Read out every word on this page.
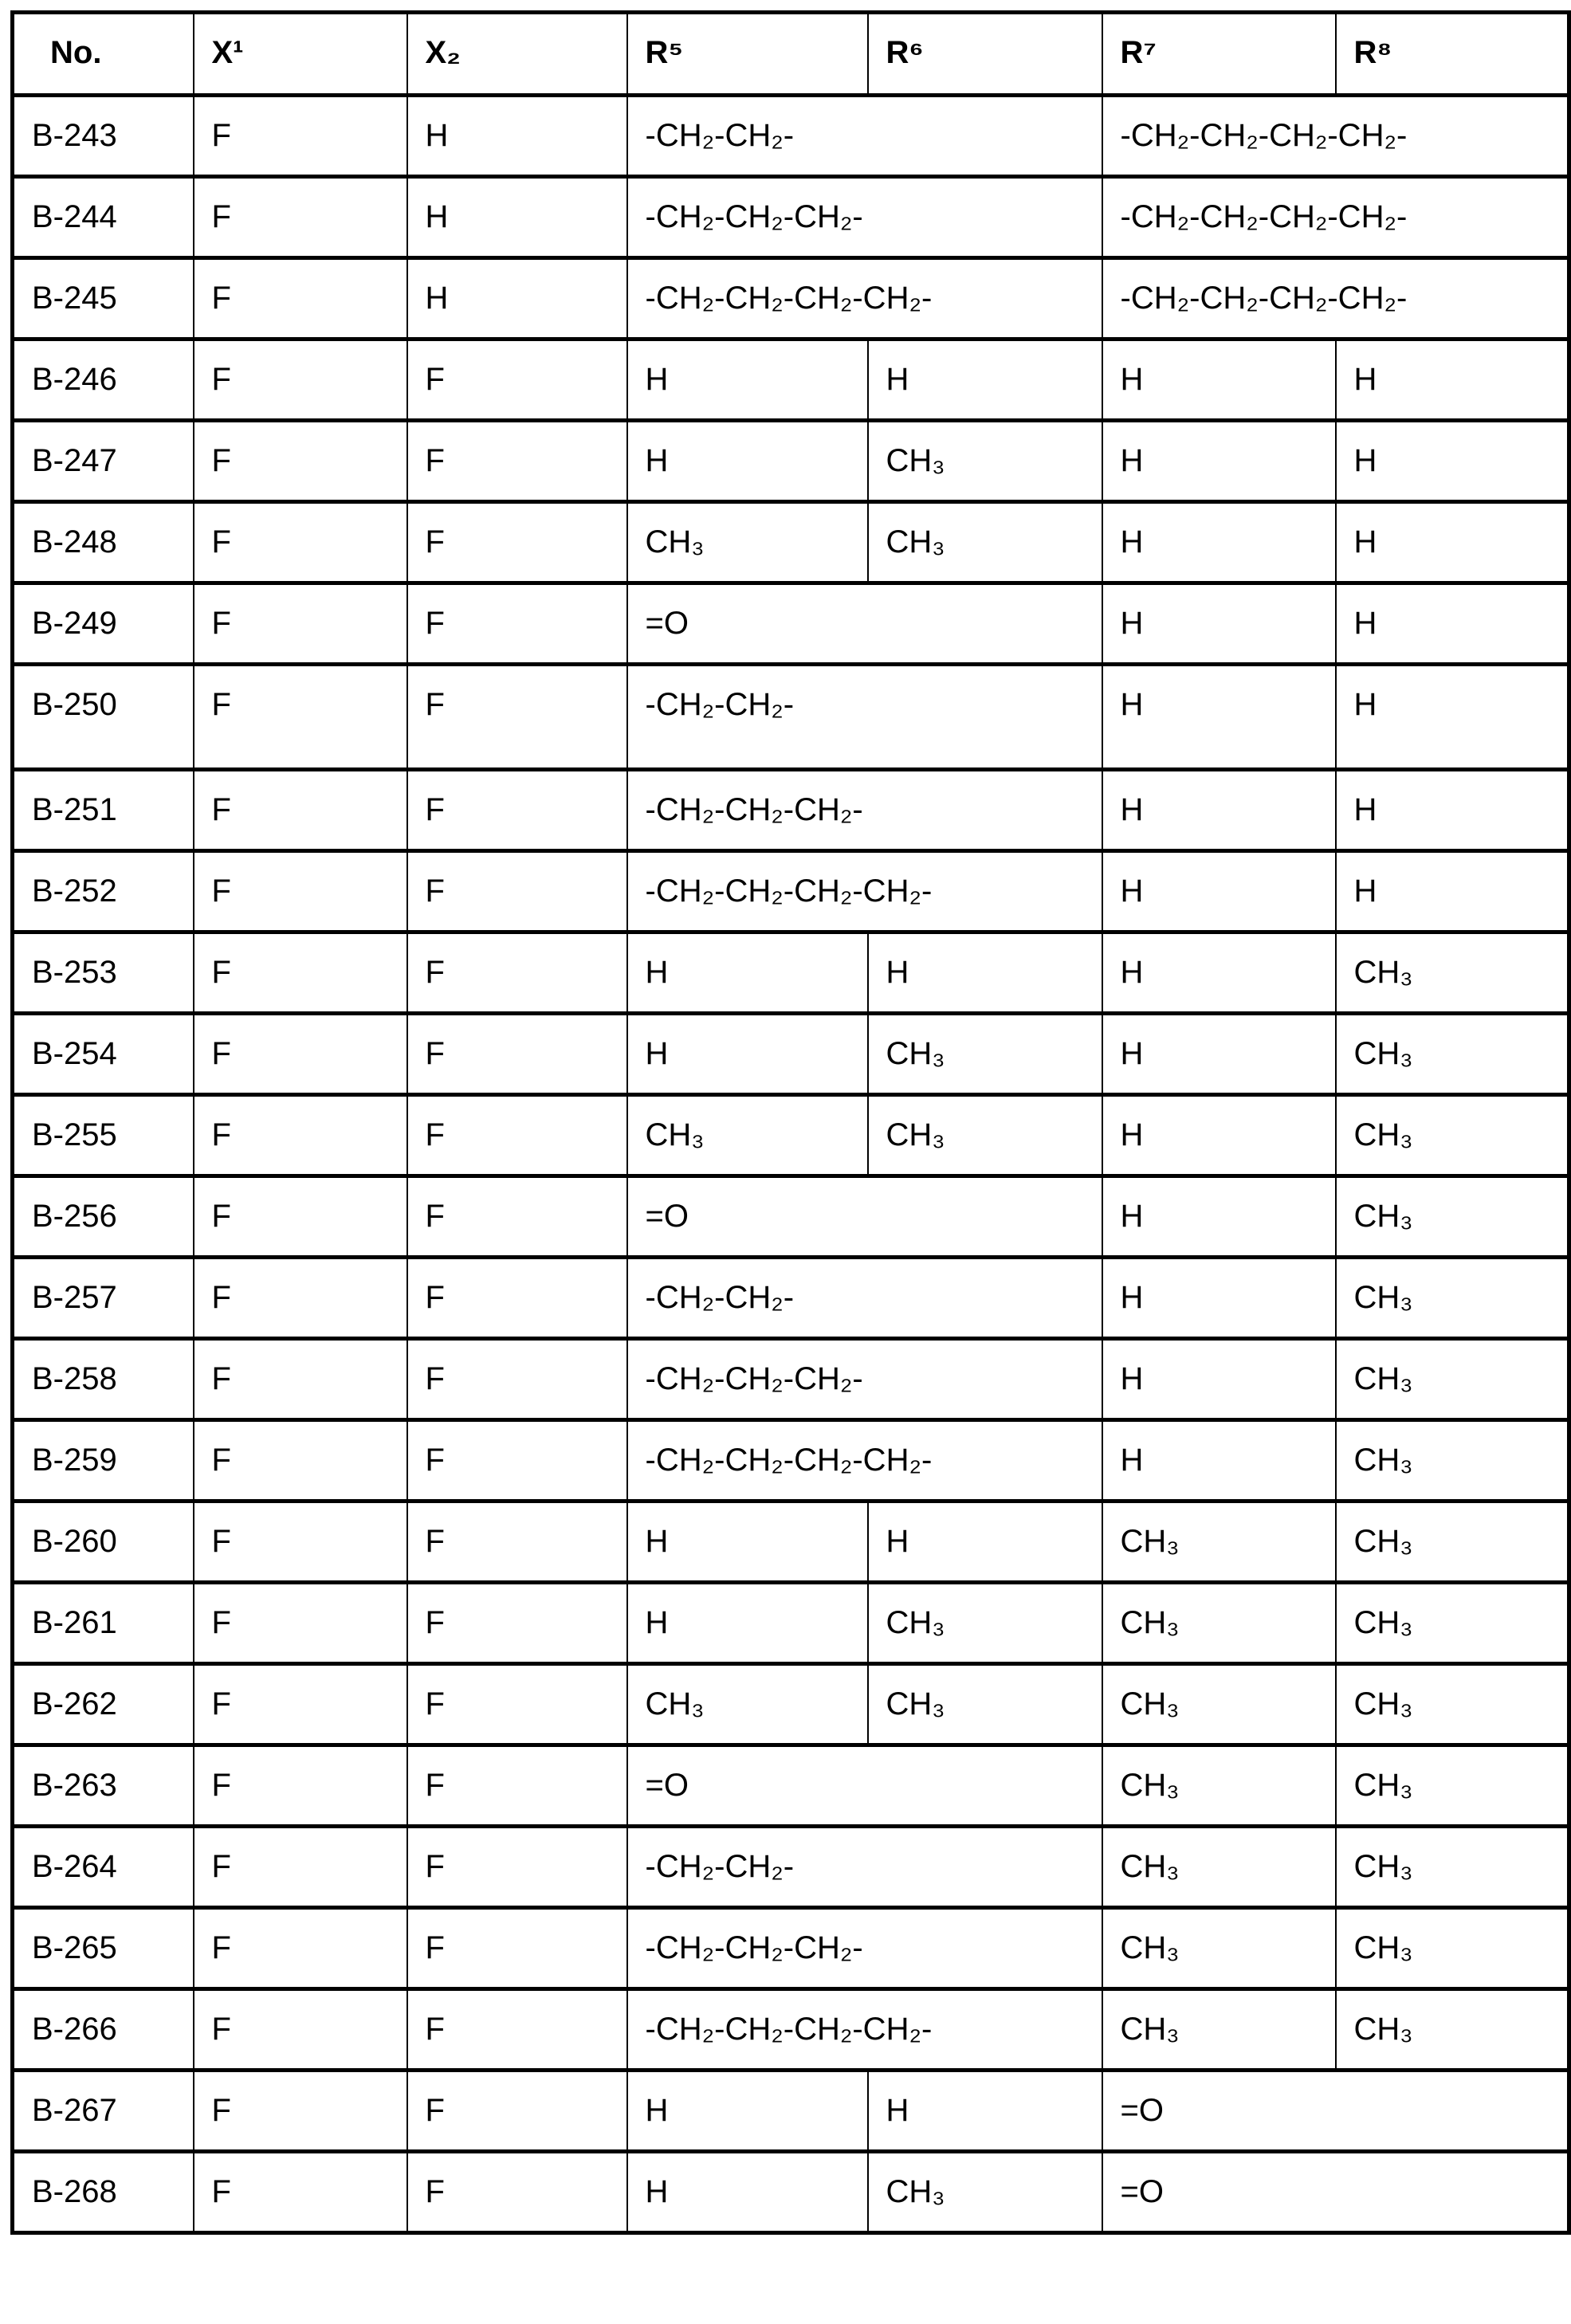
No.	X¹	X₂	R⁵	R⁶	R⁷	R⁸
B-243	F	H	-CH₂-CH₂-	-CH₂-CH₂-CH₂-CH₂-
B-244	F	H	-CH₂-CH₂-CH₂-	-CH₂-CH₂-CH₂-CH₂-
B-245	F	H	-CH₂-CH₂-CH₂-CH₂-	-CH₂-CH₂-CH₂-CH₂-
B-246	F	F	H	H	H	H
B-247	F	F	H	CH₃	H	H
B-248	F	F	CH₃	CH₃	H	H
B-249	F	F	=O	H	H
B-250	F	F	-CH₂-CH₂-	H	H
B-251	F	F	-CH₂-CH₂-CH₂-	H	H
B-252	F	F	-CH₂-CH₂-CH₂-CH₂-	H	H
B-253	F	F	H	H	H	CH₃
B-254	F	F	H	CH₃	H	CH₃
B-255	F	F	CH₃	CH₃	H	CH₃
B-256	F	F	=O	H	CH₃
B-257	F	F	-CH₂-CH₂-	H	CH₃
B-258	F	F	-CH₂-CH₂-CH₂-	H	CH₃
B-259	F	F	-CH₂-CH₂-CH₂-CH₂-	H	CH₃
B-260	F	F	H	H	CH₃	CH₃
B-261	F	F	H	CH₃	CH₃	CH₃
B-262	F	F	CH₃	CH₃	CH₃	CH₃
B-263	F	F	=O	CH₃	CH₃
B-264	F	F	-CH₂-CH₂-	CH₃	CH₃
B-265	F	F	-CH₂-CH₂-CH₂-	CH₃	CH₃
B-266	F	F	-CH₂-CH₂-CH₂-CH₂-	CH₃	CH₃
B-267	F	F	H	H	=O
B-268	F	F	H	CH₃	=O
